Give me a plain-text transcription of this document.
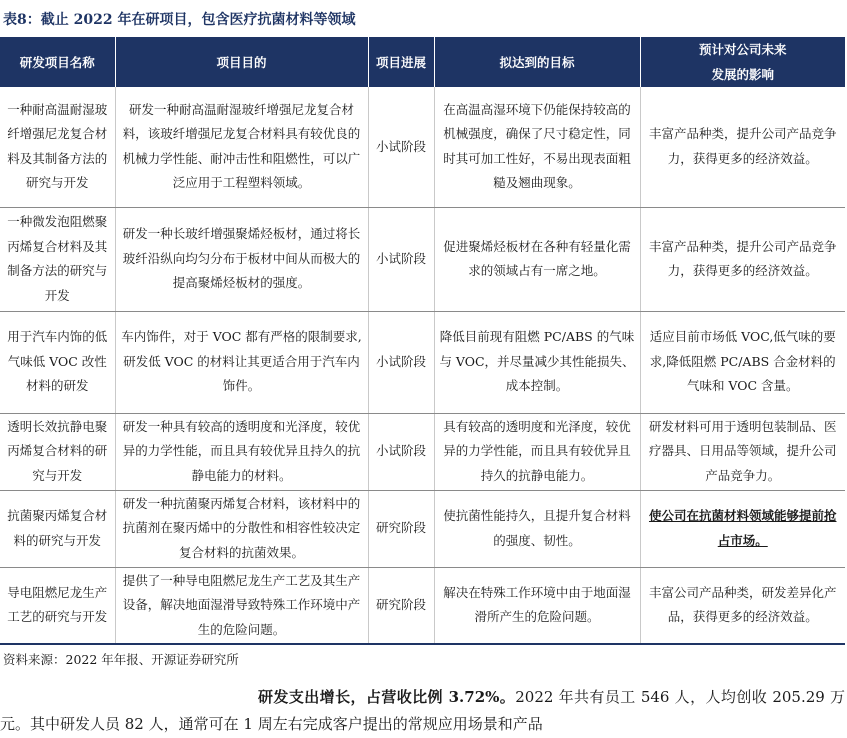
表8：截止 2022 年在研项目，包含医疗抗菌材料等领域
研发项目名称	项目目的	项目进展	拟达到的目标	预计对公司未来
发展的影响
一种耐高温耐湿玻纤增强尼龙复合材料及其制备方法的研究与开发	研发一种耐高温耐湿玻纤增强尼龙复合材料，该玻纤增强尼龙复合材料具有较优良的机械力学性能、耐冲击性和阻燃性，可以广泛应用于工程塑料领域。	小试阶段	在高温高湿环境下仍能保持较高的机械强度，确保了尺寸稳定性，同时其可加工性好，不易出现表面粗糙及翘曲现象。	丰富产品种类，提升公司产品竞争力，获得更多的经济效益。
一种微发泡阻燃聚丙烯复合材料及其制备方法的研究与开发	研发一种长玻纤增强聚烯烃板材，通过将长玻纤沿纵向均匀分布于板材中间从而极大的提高聚烯烃板材的强度。	小试阶段	促进聚烯烃板材在各种有轻量化需求的领域占有一席之地。	丰富产品种类，提升公司产品竞争力，获得更多的经济效益。
用于汽车内饰的低气味低 VOC 改性材料的研发	车内饰件，对于 VOC 都有严格的限制要求,研发低 VOC 的材料让其更适合用于汽车内饰件。	小试阶段	降低目前现有阻燃 PC/ABS 的气味与 VOC，并尽量减少其性能损失、成本控制。	适应目前市场低 VOC,低气味的要求,降低阻燃 PC/ABS 合金材料的气味和 VOC 含量。
透明长效抗静电聚丙烯复合材料的研究与开发	研发一种具有较高的透明度和光泽度，较优异的力学性能，而且具有较优异且持久的抗静电能力的材料。	小试阶段	具有较高的透明度和光泽度，较优异的力学性能，而且具有较优异且持久的抗静电能力。	研发材料可用于透明包装制品、医疗器具、日用品等领域，提升公司产品竞争力。
抗菌聚丙烯复合材料的研究与开发	研发一种抗菌聚丙烯复合材料，该材料中的抗菌剂在聚丙烯中的分散性和相容性较决定复合材料的抗菌效果。	研究阶段	使抗菌性能持久，且提升复合材料的强度、韧性。	使公司在抗菌材料领域能够提前抢占市场。
导电阻燃尼龙生产工艺的研究与开发	提供了一种导电阻燃尼龙生产工艺及其生产设备，解决地面湿滑导致特殊工作环境中产生的危险问题。	研究阶段	解决在特殊工作环境中由于地面湿滑所产生的危险问题。	丰富公司产品种类，研发差异化产品，获得更多的经济效益。
资料来源：2022 年年报、开源证券研究所
研发支出增长，占营收比例 3.72%。2022 年共有员工 546 人，人均创收 205.29 万元。其中研发人员 82 人，通常可在 1 周左右完成客户提出的常规应用场景和产品
